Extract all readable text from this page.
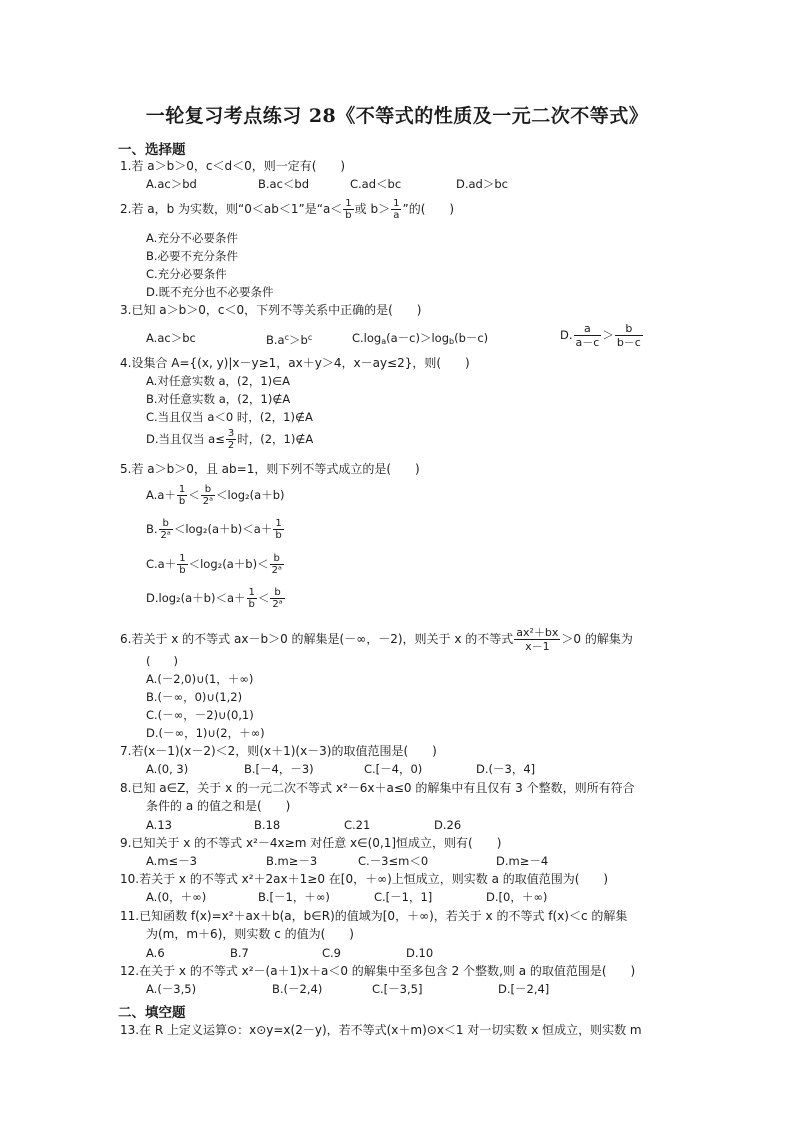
一轮复习考点练习 28《不等式的性质及一元二次不等式》
一、选择题
1.若 a＞b＞0，c＜d＜0，则一定有(　　)
A.ac＞bd	B.ac＜bd	C.ad＜bc	D.ad＞bc
2.若 a，b 为实数，则“0＜ab＜1”是“$a< \frac{1}{b}$ 或 $b> \frac{1}{a}$ ”的(　　)
A.充分不必要条件
B.必要不充分条件
C.充分必要条件
D.既不充分也不必要条件
3.已知 a＞b＞0，c＜0，下列不等关系中正确的是(　　)
A.ac＞bc	$B.a^c>b^c$	$C.\log_a(a-c)>\log_b(b-c)$	D. $\frac{a}{a-c} > \frac{b}{b-c}$
4.设集合 A={(x, y)|x－y≥1，ax＋y＞4，x－ay≤2}，则(　　)
A.对任意实数 a，(2，1)∈A
B.对任意实数 a，(2，1)∉A
C.当且仅当 a＜0 时，(2，1)∉A
D.当且仅当 $a\le \frac{3}{2}$ 时，(2，1)∉A
5.若 a＞b＞0，且 ab=1，则下列不等式成立的是(　　)
$A.a+ \frac{1}{b} < \frac{b}{\text{2ᵃ}} <\log_2(a+b)$
B. $\frac{b}{\text{2ᵃ}} <\log_2(a+b)<a+ \frac{1}{b}$
$C.a+ \frac{1}{b} <\log_2(a+b)< \frac{b}{\text{2ᵃ}}$
$D.\log_2(a+b)<a+ \frac{1}{b} < \frac{b}{\text{2ᵃ}}$
6.若关于 x 的不等式 ax－b＞0 的解集是(－∞，－2)，则关于 x 的不等式 $\frac{\text{ax²＋bx}}{x-1} >0$ 的解集为
(　　)
A.(－2,0)∪(1，＋∞)
B.(－∞，0)∪(1,2)
C.(－∞，－2)∪(0,1)
D.(－∞，1)∪(2，＋∞)
7.若(x－1)(x－2)＜2，则(x＋1)(x－3)的取值范围是(　　)
A.(0, 3)	B.[－4，－3)	C.[－4，0)	D.(－3，4]
8.已知 a∈Z，关于 x 的一元二次不等式 x²－6x＋a≤0 的解集中有且仅有 3 个整数，则所有符合
条件的 a 的值之和是(　　)
A.13	B.18	C.21	D.26
9.已知关于 x 的不等式 x²－4x≥m 对任意 x∈(0,1]恒成立，则有(　　)
A.m≤－3	B.m≥－3	C.－3≤m＜0	D.m≥－4
10.若关于 x 的不等式 x²＋2ax＋1≥0 在[0，＋∞)上恒成立，则实数 a 的取值范围为(　　)
A.(0，＋∞)	B.[－1，＋∞)	C.[－1，1]	D.[0，＋∞)
11.已知函数 f(x)=x²＋ax＋b(a，b∈R)的值域为[0，＋∞)，若关于 x 的不等式 f(x)＜c 的解集
为(m，m＋6)，则实数 c 的值为(　　)
A.6	B.7	C.9	D.10
12.在关于 x 的不等式 x²－(a＋1)x＋a＜0 的解集中至多包含 2 个整数,则 a 的取值范围是(　　)
A.(－3,5)	B.(－2,4)	C.[－3,5]	D.[－2,4]
二、填空题
13.在 R 上定义运算⊙：x⊙y=x(2－y)，若不等式(x＋m)⊙x＜1 对一切实数 x 恒成立，则实数 m
